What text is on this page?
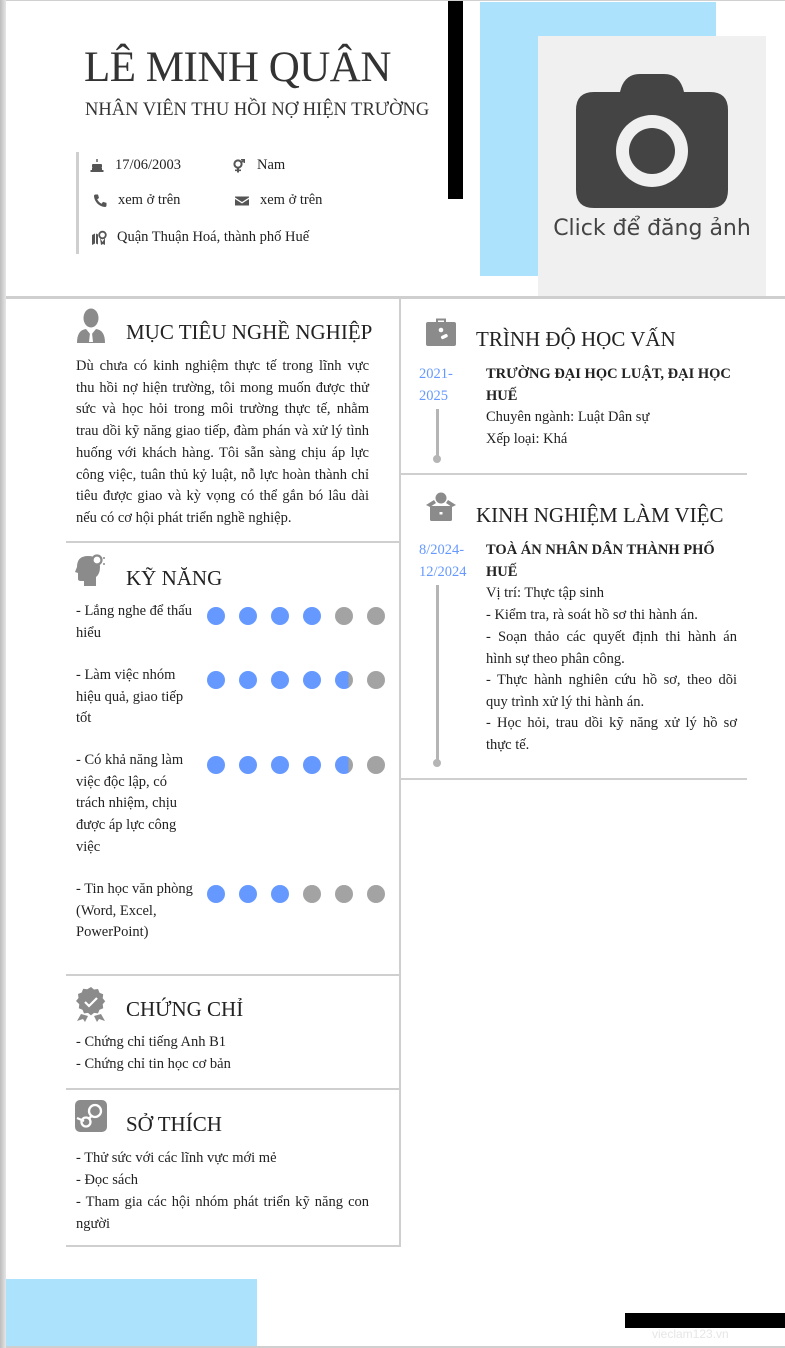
LÊ MINH QUÂN
NHÂN VIÊN THU HỒI NỢ HIỆN TRƯỜNG
17/06/2003	Nam
xem ở trên	xem ở trên
Quận Thuận Hoá, thành phố Huế	Click để đăng ảnh
MỤC TIÊU NGHỀ NGHIỆP
Dù chưa có kinh nghiệm thực tế trong lĩnh vực thu hồi nợ hiện trường, tôi mong muốn được thử sức và học hỏi trong môi trường thực tế, nhằm trau dồi kỹ năng giao tiếp, đàm phán và xử lý tình huống với khách hàng. Tôi sẵn sàng chịu áp lực công việc, tuân thủ kỷ luật, nỗ lực hoàn thành chỉ tiêu được giao và kỳ vọng có thể gắn bó lâu dài nếu có cơ hội phát triển nghề nghiệp.
KỸ NĂNG
- Lắng nghe để thấu hiểu
- Làm việc nhóm hiệu quả, giao tiếp tốt
- Có khả năng làm việc độc lập, có trách nhiệm, chịu được áp lực công việc
- Tin học văn phòng (Word, Excel, PowerPoint)
CHỨNG CHỈ
- Chứng chỉ tiếng Anh B1
- Chứng chỉ tin học cơ bản
SỞ THÍCH
- Thử sức với các lĩnh vực mới mẻ
- Đọc sách
- Tham gia các hội nhóm phát triển kỹ năng con người
TRÌNH ĐỘ HỌC VẤN
2021-
2025
TRƯỜNG ĐẠI HỌC LUẬT, ĐẠI HỌC HUẾ
Chuyên ngành: Luật Dân sự
Xếp loại: Khá
KINH NGHIỆM LÀM VIỆC
8/2024-
12/2024
TOÀ ÁN NHÂN DÂN THÀNH PHỐ HUẾ
Vị trí: Thực tập sinh
- Kiểm tra, rà soát hồ sơ thi hành án.
- Soạn thảo các quyết định thi hành án hình sự theo phân công.
- Thực hành nghiên cứu hồ sơ, theo dõi quy trình xử lý thi hành án.
- Học hỏi, trau dồi kỹ năng xử lý hồ sơ thực tế.
vieclam123.vn
